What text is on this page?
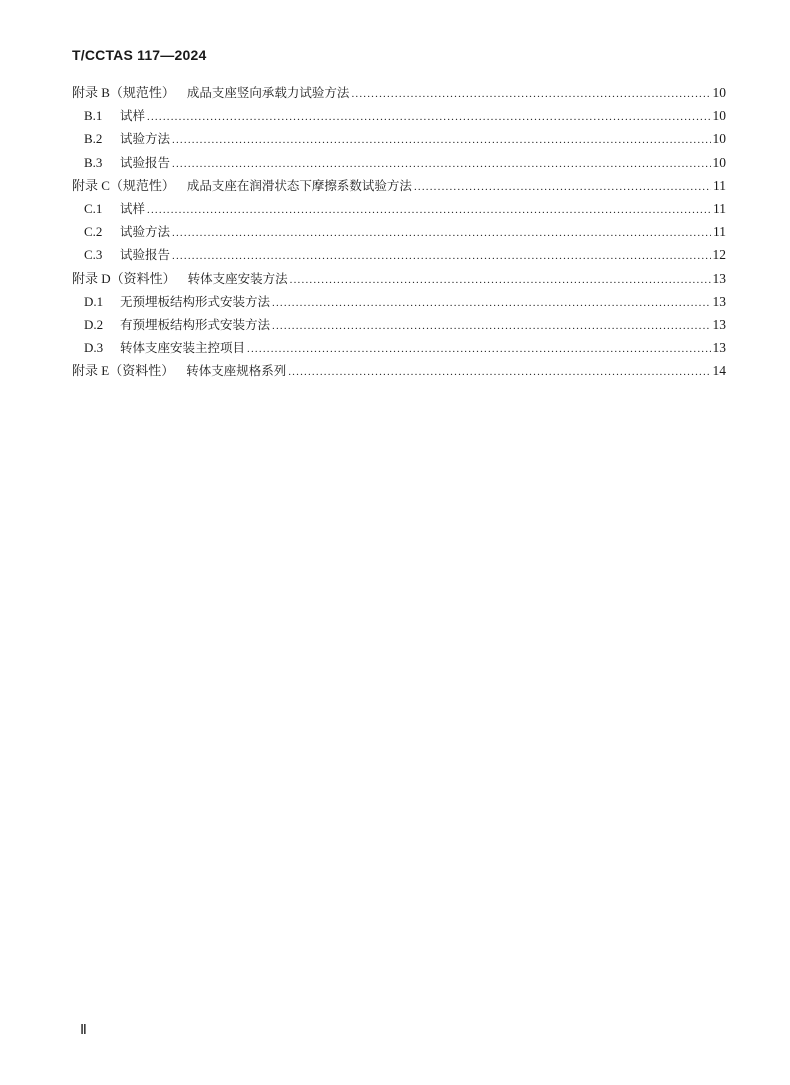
T/CCTAS 117—2024
附录 B（规范性） 成品支座竖向承载力试验方法 .....	10
B.1 试样 .....	10
B.2 试验方法 .....	10
B.3 试验报告 .....	10
附录 C（规范性） 成品支座在润滑状态下摩擦系数试验方法 .....	11
C.1 试样 .....	11
C.2 试验方法 .....	11
C.3 试验报告 .....	12
附录 D（资料性） 转体支座安装方法 .....	13
D.1 无预埋板结构形式安装方法 .....	13
D.2 有预埋板结构形式安装方法 .....	13
D.3 转体支座安装主控项目 .....	13
附录 E（资料性） 转体支座规格系列 .....	14
Ⅱ
